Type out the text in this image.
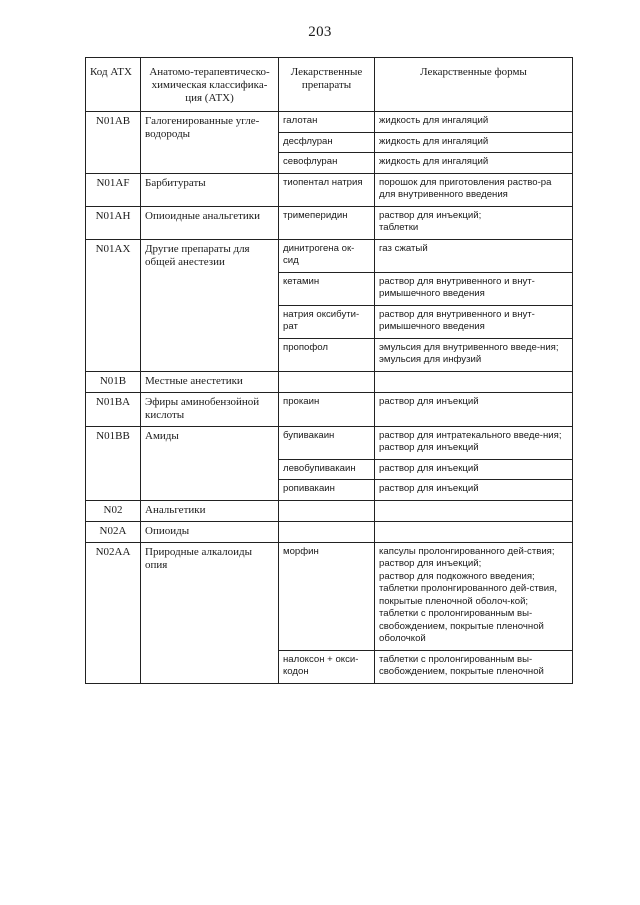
203
Код АТХ	Анатомо-терапевтическо-химическая классифика-ция (АТХ)	Лекарственные препараты	Лекарственные формы
N01AB	Галогенированные угле-водороды	галотан	жидкость для ингаляций

		десфлуран	жидкость для ингаляций

		севофлуран	жидкость для ингаляций

N01AF	Барбитураты	тиопентал натрия	порошок для приготовления раство-ра для внутривенного введения

N01AH	Опиоидные анальгетики	тримеперидин	раствор для инъекций;
таблетки

N01AX	Другие препараты для общей анестезии	динитрогена ок-сид	газ сжатый

		кетамин	раствор для внутривенного и внут-римышечного введения

		натрия оксибути-рат	раствор для внутривенного и внут-римышечного введения

		пропофол	эмульсия для внутривенного введе-ния;
эмульсия для инфузий

N01B	Местные анестетики		
N01BA	Эфиры аминобензойной кислоты	прокаин	раствор для инъекций

N01BB	Амиды	бупивакаин	раствор для интратекального введе-ния;
раствор для инъекций

		левобупивакаин	раствор для инъекций

		ропивакаин	раствор для инъекций

N02	Анальгетики		
N02A	Опиоиды		
N02AA	Природные алкалоиды опия	морфин	капсулы пролонгированного дей-ствия;
раствор для инъекций;
раствор для подкожного введения;
таблетки пролонгированного дей-ствия, покрытые пленочной оболоч-кой;
таблетки с пролонгированным вы-свобождением, покрытые пленочной оболочкой

		налоксон + окси-кодон	таблетки с пролонгированным вы-свобождением, покрытые пленочной
